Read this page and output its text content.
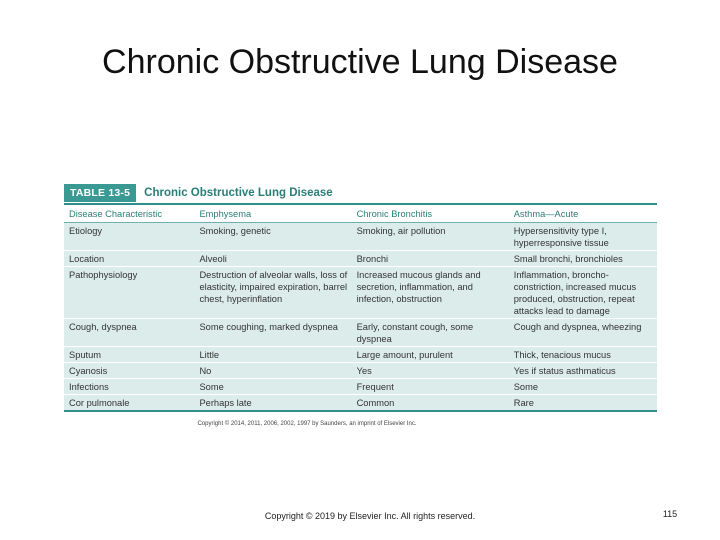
Chronic Obstructive Lung Disease
TABLE 13-5	Chronic Obstructive Lung Disease
Disease Characteristic	Emphysema	Chronic Bronchitis	Asthma—Acute
Etiology	Smoking, genetic	Smoking, air pollution	Hypersensitivity type I, hyperresponsive tissue
Location	Alveoli	Bronchi	Small bronchi, bronchioles
Pathophysiology	Destruction of alveolar walls, loss of elasticity, impaired expiration, barrel chest, hyperinflation	Increased mucous glands and secretion, inflammation, and infection, obstruction	Inflammation, broncho-constriction, increased mucus produced, obstruction, repeat attacks lead to damage
Cough, dyspnea	Some coughing, marked dyspnea	Early, constant cough, some dyspnea	Cough and dyspnea, wheezing
Sputum	Little	Large amount, purulent	Thick, tenacious mucus
Cyanosis	No	Yes	Yes if status asthmaticus
Infections	Some	Frequent	Some
Cor pulmonale	Perhaps late	Common	Rare
Copyright © 2014, 2011, 2006, 2002, 1997 by Saunders, an imprint of Elsevier Inc.
Copyright © 2019 by Elsevier Inc. All rights reserved.	115
